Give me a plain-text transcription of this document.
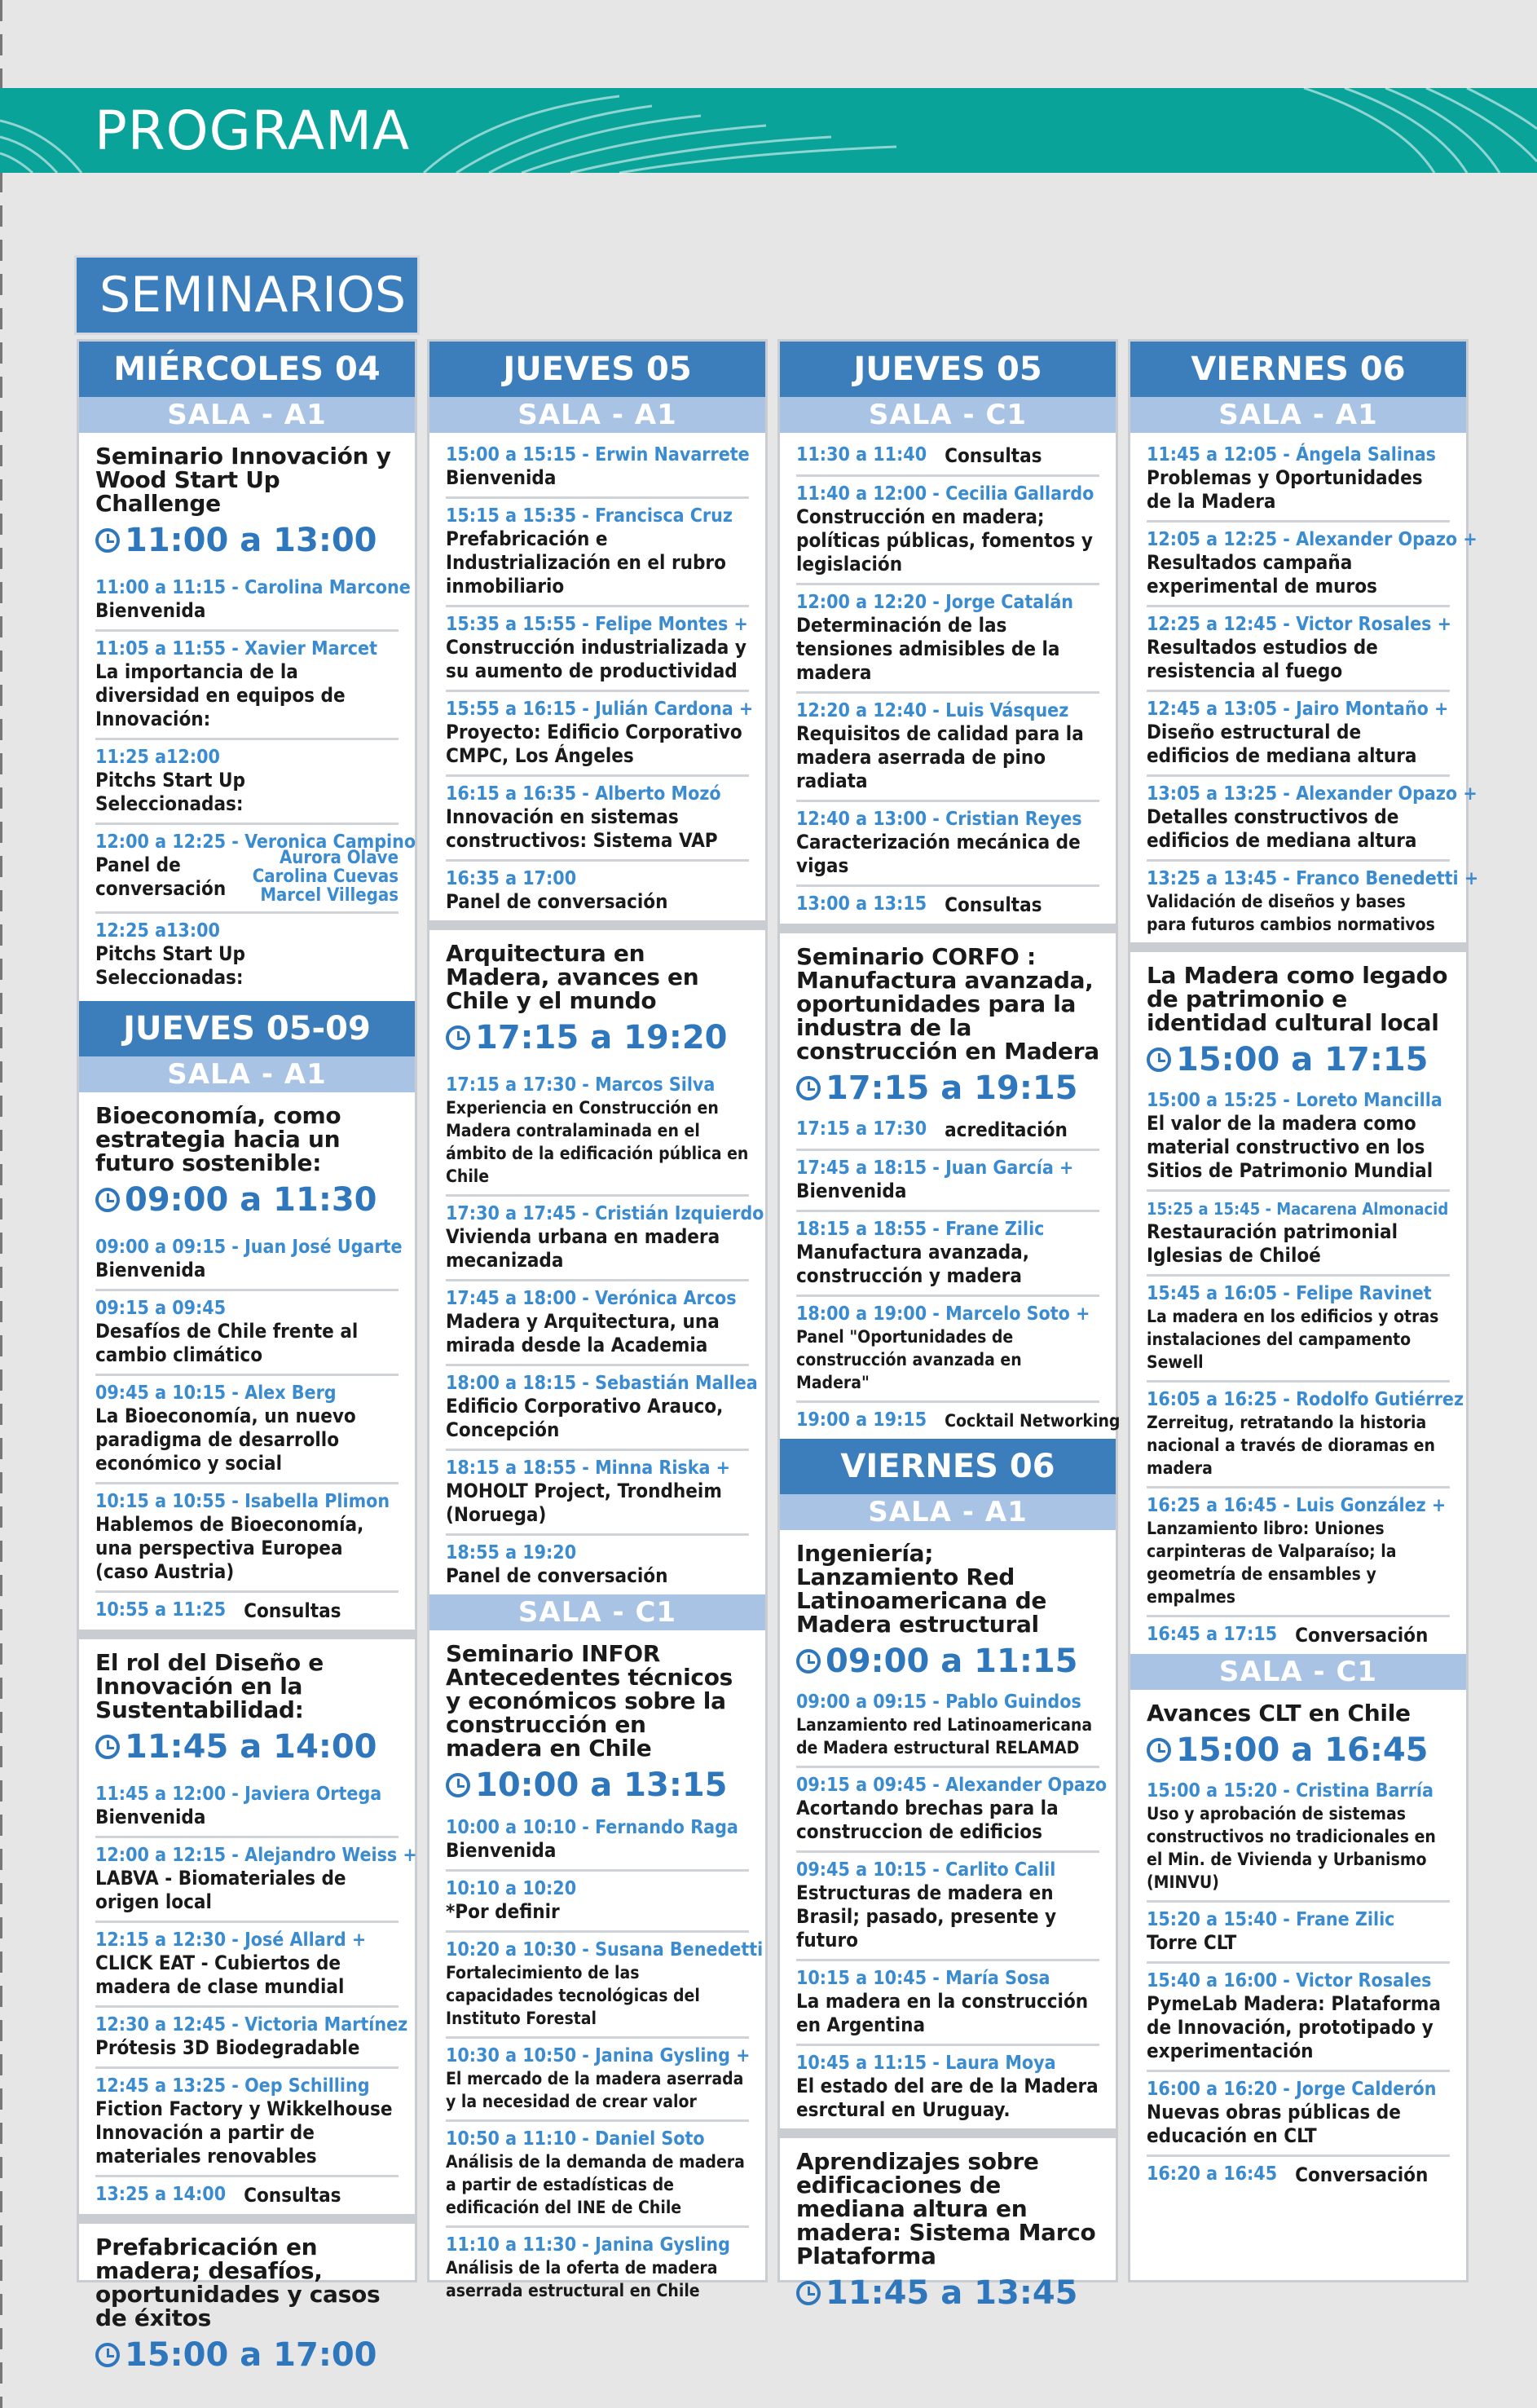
PROGRAMA
SEMINARIOS
MIÉRCOLES 04
SALA - A1
Seminario Innovación y Wood Start Up Challenge
11:00 a 13:00
11:00 a 11:15 - Carolina Marcone
Bienvenida
11:05 a 11:55 - Xavier Marcet
La importancia de la diversidad en equipos de Innovación:
11:25 a12:00
Pitchs Start Up Seleccionadas:
12:00 a 12:25 - Veronica Campino
Panel de conversación
Aurora Olave
Carolina Cuevas
Marcel Villegas
12:25 a13:00
Pitchs Start Up Seleccionadas:
JUEVES 05-09
SALA - A1
Bioeconomía, como estrategia hacia un futuro sostenible:
09:00 a 11:30
09:00 a 09:15 - Juan José Ugarte
Bienvenida
09:15 a 09:45
Desafíos de Chile frente al cambio climático
09:45 a 10:15 - Alex Berg
La Bioeconomía, un nuevo paradigma de desarrollo económico y social
10:15 a 10:55 - Isabella Plimon
Hablemos de Bioeconomía, una perspectiva Europea (caso Austria)
10:55 a 11:25 Consultas
El rol del Diseño e Innovación en la Sustentabilidad:
11:45 a 14:00
11:45 a 12:00 - Javiera Ortega
Bienvenida
12:00 a 12:15 - Alejandro Weiss +
LABVA - Biomateriales de origen local
12:15 a 12:30 - José Allard +
CLICK EAT - Cubiertos de madera de clase mundial
12:30 a 12:45 - Victoria Martínez
Prótesis 3D Biodegradable
12:45 a 13:25 - Oep Schilling
Fiction Factory y Wikkelhouse Innovación a partir de materiales renovables
13:25 a 14:00 Consultas
Prefabricación en madera; desafíos, oportunidades y casos de éxitos
15:00 a 17:00
JUEVES 05
SALA - A1
15:00 a 15:15 - Erwin Navarrete
Bienvenida
15:15 a 15:35 - Francisca Cruz
Prefabricación e Industrialización en el rubro inmobiliario
15:35 a 15:55 - Felipe Montes +
Construcción industrializada y su aumento de productividad
15:55 a 16:15 - Julián Cardona +
Proyecto: Edificio Corporativo CMPC, Los Ángeles
16:15 a 16:35 - Alberto Mozó
Innovación en sistemas constructivos: Sistema VAP
16:35 a 17:00
Panel de conversación
Arquitectura en Madera, avances en Chile y el mundo
17:15 a 19:20
17:15 a 17:30 - Marcos Silva
Experiencia en Construcción en Madera contralaminada en el ámbito de la edificación pública en Chile
17:30 a 17:45 - Cristián Izquierdo
Vivienda urbana en madera mecanizada
17:45 a 18:00 - Verónica Arcos
Madera y Arquitectura, una mirada desde la Academia
18:00 a 18:15 - Sebastián Mallea
Edificio Corporativo Arauco, Concepción
18:15 a 18:55 - Minna Riska +
MOHOLT Project, Trondheim (Noruega)
18:55 a 19:20
Panel de conversación
SALA - C1
Seminario INFOR Antecedentes técnicos y económicos sobre la construcción en madera en Chile
10:00 a 13:15
10:00 a 10:10 - Fernando Raga
Bienvenida
10:10 a 10:20
*Por definir
10:20 a 10:30 - Susana Benedetti
Fortalecimiento de las capacidades tecnológicas del Instituto Forestal
10:30 a 10:50 - Janina Gysling +
El mercado de la madera aserrada y la necesidad de crear valor
10:50 a 11:10 - Daniel Soto
Análisis de la demanda de madera a partir de estadísticas de edificación del INE de Chile
11:10 a 11:30 - Janina Gysling
Análisis de la oferta de madera aserrada estructural en Chile
JUEVES 05
SALA - C1
11:30 a 11:40 Consultas
11:40 a 12:00 - Cecilia Gallardo
Construcción en madera; políticas públicas, fomentos y legislación
12:00 a 12:20 - Jorge Catalán
Determinación de las tensiones admisibles de la madera
12:20 a 12:40 - Luis Vásquez
Requisitos de calidad para la madera aserrada de pino radiata
12:40 a 13:00 - Cristian Reyes
Caracterización mecánica de vigas
13:00 a 13:15 Consultas
Seminario CORFO : Manufactura avanzada, oportunidades para la industra de la construcción en Madera
17:15 a 19:15
17:15 a 17:30 acreditación
17:45 a 18:15 - Juan García +
Bienvenida
18:15 a 18:55 - Frane Zilic
Manufactura avanzada, construcción y madera
18:00 a 19:00 - Marcelo Soto +
Panel "Oportunidades de construcción avanzada en Madera"
19:00 a 19:15 Cocktail Networking
VIERNES 06
SALA - A1
Ingeniería; Lanzamiento Red Latinoamericana de Madera estructural
09:00 a 11:15
09:00 a 09:15 - Pablo Guindos
Lanzamiento red Latinoamericana de Madera estructural RELAMAD
09:15 a 09:45 - Alexander Opazo
Acortando brechas para la construccion de edificios
09:45 a 10:15 - Carlito Calil
Estructuras de madera en Brasil; pasado, presente y futuro
10:15 a 10:45 - María Sosa
La madera en la construcción en Argentina
10:45 a 11:15 - Laura Moya
El estado del are de la Madera esrctural en Uruguay.
Aprendizajes sobre edificaciones de mediana altura en madera: Sistema Marco Plataforma
11:45 a 13:45
VIERNES 06
SALA - A1
11:45 a 12:05 - Ángela Salinas
Problemas y Oportunidades de la Madera
12:05 a 12:25 - Alexander Opazo +
Resultados campaña experimental de muros
12:25 a 12:45 - Victor Rosales +
Resultados estudios de resistencia al fuego
12:45 a 13:05 - Jairo Montaño +
Diseño estructural de edificios de mediana altura
13:05 a 13:25 - Alexander Opazo +
Detalles constructivos de edificios de mediana altura
13:25 a 13:45 - Franco Benedetti +
Validación de diseños y bases para futuros cambios normativos
La Madera como legado de patrimonio e identidad cultural local
15:00 a 17:15
15:00 a 15:25 - Loreto Mancilla
El valor de la madera como material constructivo en los Sitios de Patrimonio Mundial
15:25 a 15:45 - Macarena Almonacid
Restauración patrimonial Iglesias de Chiloé
15:45 a 16:05 - Felipe Ravinet
La madera en los edificios y otras instalaciones del campamento Sewell
16:05 a 16:25 - Rodolfo Gutiérrez
Zerreitug, retratando la historia nacional a través de dioramas en madera
16:25 a 16:45 - Luis González +
Lanzamiento libro: Uniones carpinteras de Valparaíso; la geometría de ensambles y empalmes
16:45 a 17:15 Conversación
SALA - C1
Avances CLT en Chile
15:00 a 16:45
15:00 a 15:20 - Cristina Barría
Uso y aprobación de sistemas constructivos no tradicionales en el Min. de Vivienda y Urbanismo (MINVU)
15:20 a 15:40 - Frane Zilic
Torre CLT
15:40 a 16:00 - Victor Rosales
PymeLab Madera: Plataforma de Innovación, prototipado y experimentación
16:00 a 16:20 - Jorge Calderón
Nuevas obras públicas de educación en CLT
16:20 a 16:45 Conversación
